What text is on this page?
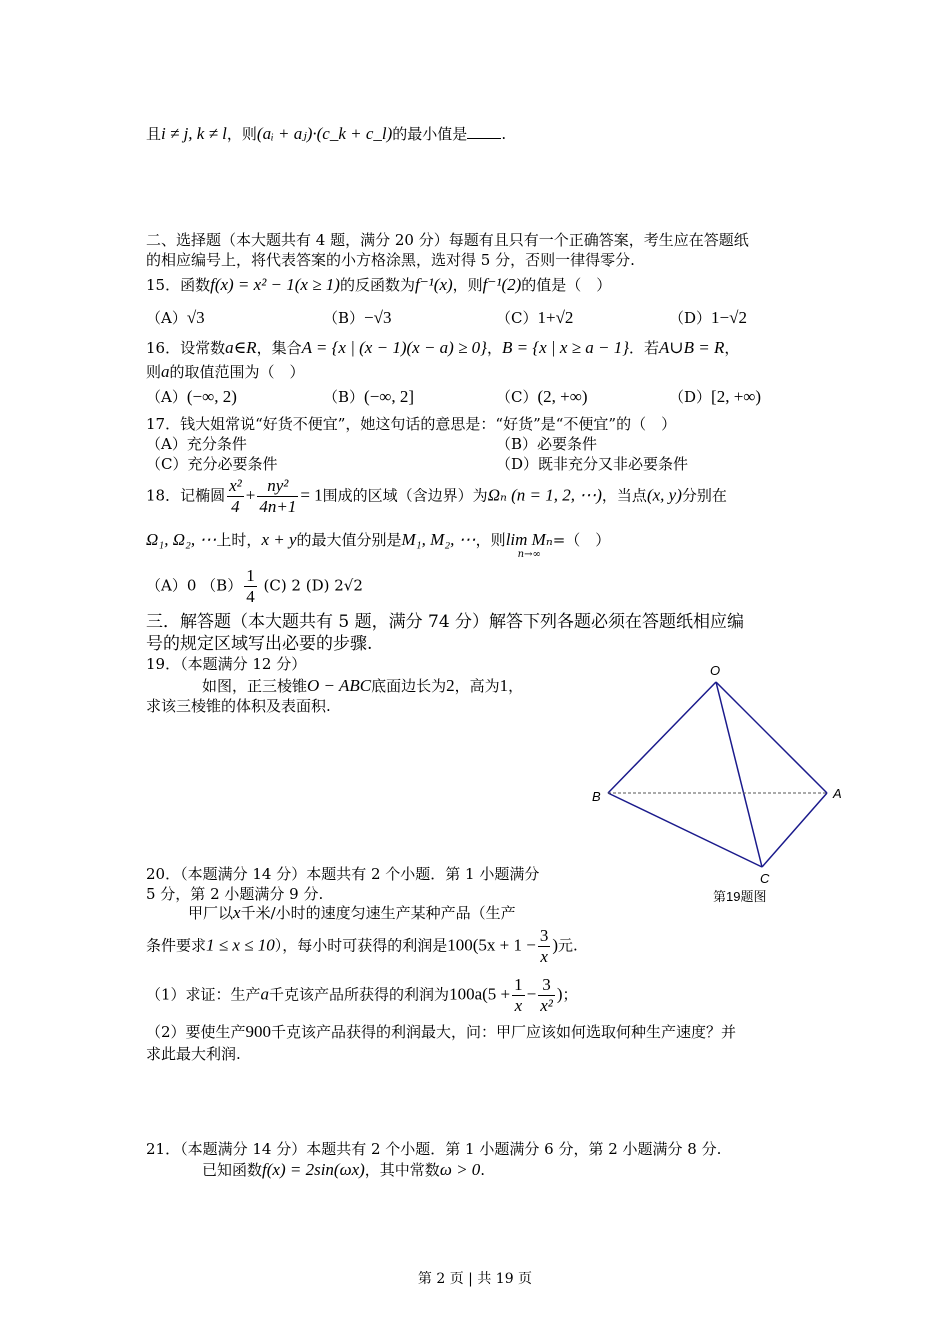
且i ≠ j, k ≠ l，则(aᵢ + aⱼ)·(c_k + c_l)的最小值是 .
二、选择题（本大题共有 4 题，满分 20 分）每题有且只有一个正确答案，考生应在答题纸
的相应编号上，将代表答案的小方格涂黑，选对得 5 分，否则一律得零分.
15．函数f(x) = x² − 1(x ≥ 1)的反函数为f⁻¹(x)，则f⁻¹(2)的值是（　）
（A）√3	（B）−√3	（C）1+√2	（D）1−√2
16．设常数a∈R，集合A = {x | (x − 1)(x − a) ≥ 0}，B = {x | x ≥ a − 1}．若A∪B = R，
则a的取值范围为（　）
（A）(−∞, 2)	（B）(−∞, 2]	（C）(2, +∞)	（D）[2, +∞)
17．钱大姐常说“好货不便宜”，她这句话的意思是：“好货”是“不便宜”的（　）
（A）充分条件	（B）必要条件
（C）充分必要条件	（D）既非充分又非必要条件
18．记椭圆 $\frac{\text{x²}}{4} + \frac{\text{ny²}}{4n+1} = 1$围成的区域（含边界）为Ωₙ (n = 1, 2, ⋯)，当点(x, y)分别在
Ω₁, Ω₂, ⋯上时，x + y的最大值分别是M₁, M₂, ⋯，则lim Mₙ
n→∞
=（　）
（A）0 $(B) \frac{1}{4} (C)$ 2 (D) 2√2
三．解答题（本大题共有 5 题，满分 74 分）解答下列各题必须在答题纸相应编
号的规定区域写出必要的步骤.
19．（本题满分 12 分）
如图，正三棱锥O − ABC底面边长为2，高为1，
求该三棱锥的体积及表面积.
O
A
B
C
第19题图
20．（本题满分 14 分）本题共有 2 个小题．第 1 小题满分
5 分，第 2 小题满分 9 分.
甲厂以x千米/小时的速度匀速生产某种产品（生产
条件要求1 ≤ x ≤ 10），每小时可获得的利润是$100(5x + 1 - \frac{3}{x}$ )元.
（1）求证：生产a千克该产品所获得的利润为$100a(5 + \frac{1}{x} - \frac{3}{\text{x²}}$ )；
（2）要使生产900千克该产品获得的利润最大，问：甲厂应该如何选取何种生产速度？并
求此最大利润.
21．（本题满分 14 分）本题共有 2 个小题．第 1 小题满分 6 分，第 2 小题满分 8 分.
已知函数f(x) = 2sin(ωx)，其中常数ω > 0.
第 2 页 | 共 19 页
